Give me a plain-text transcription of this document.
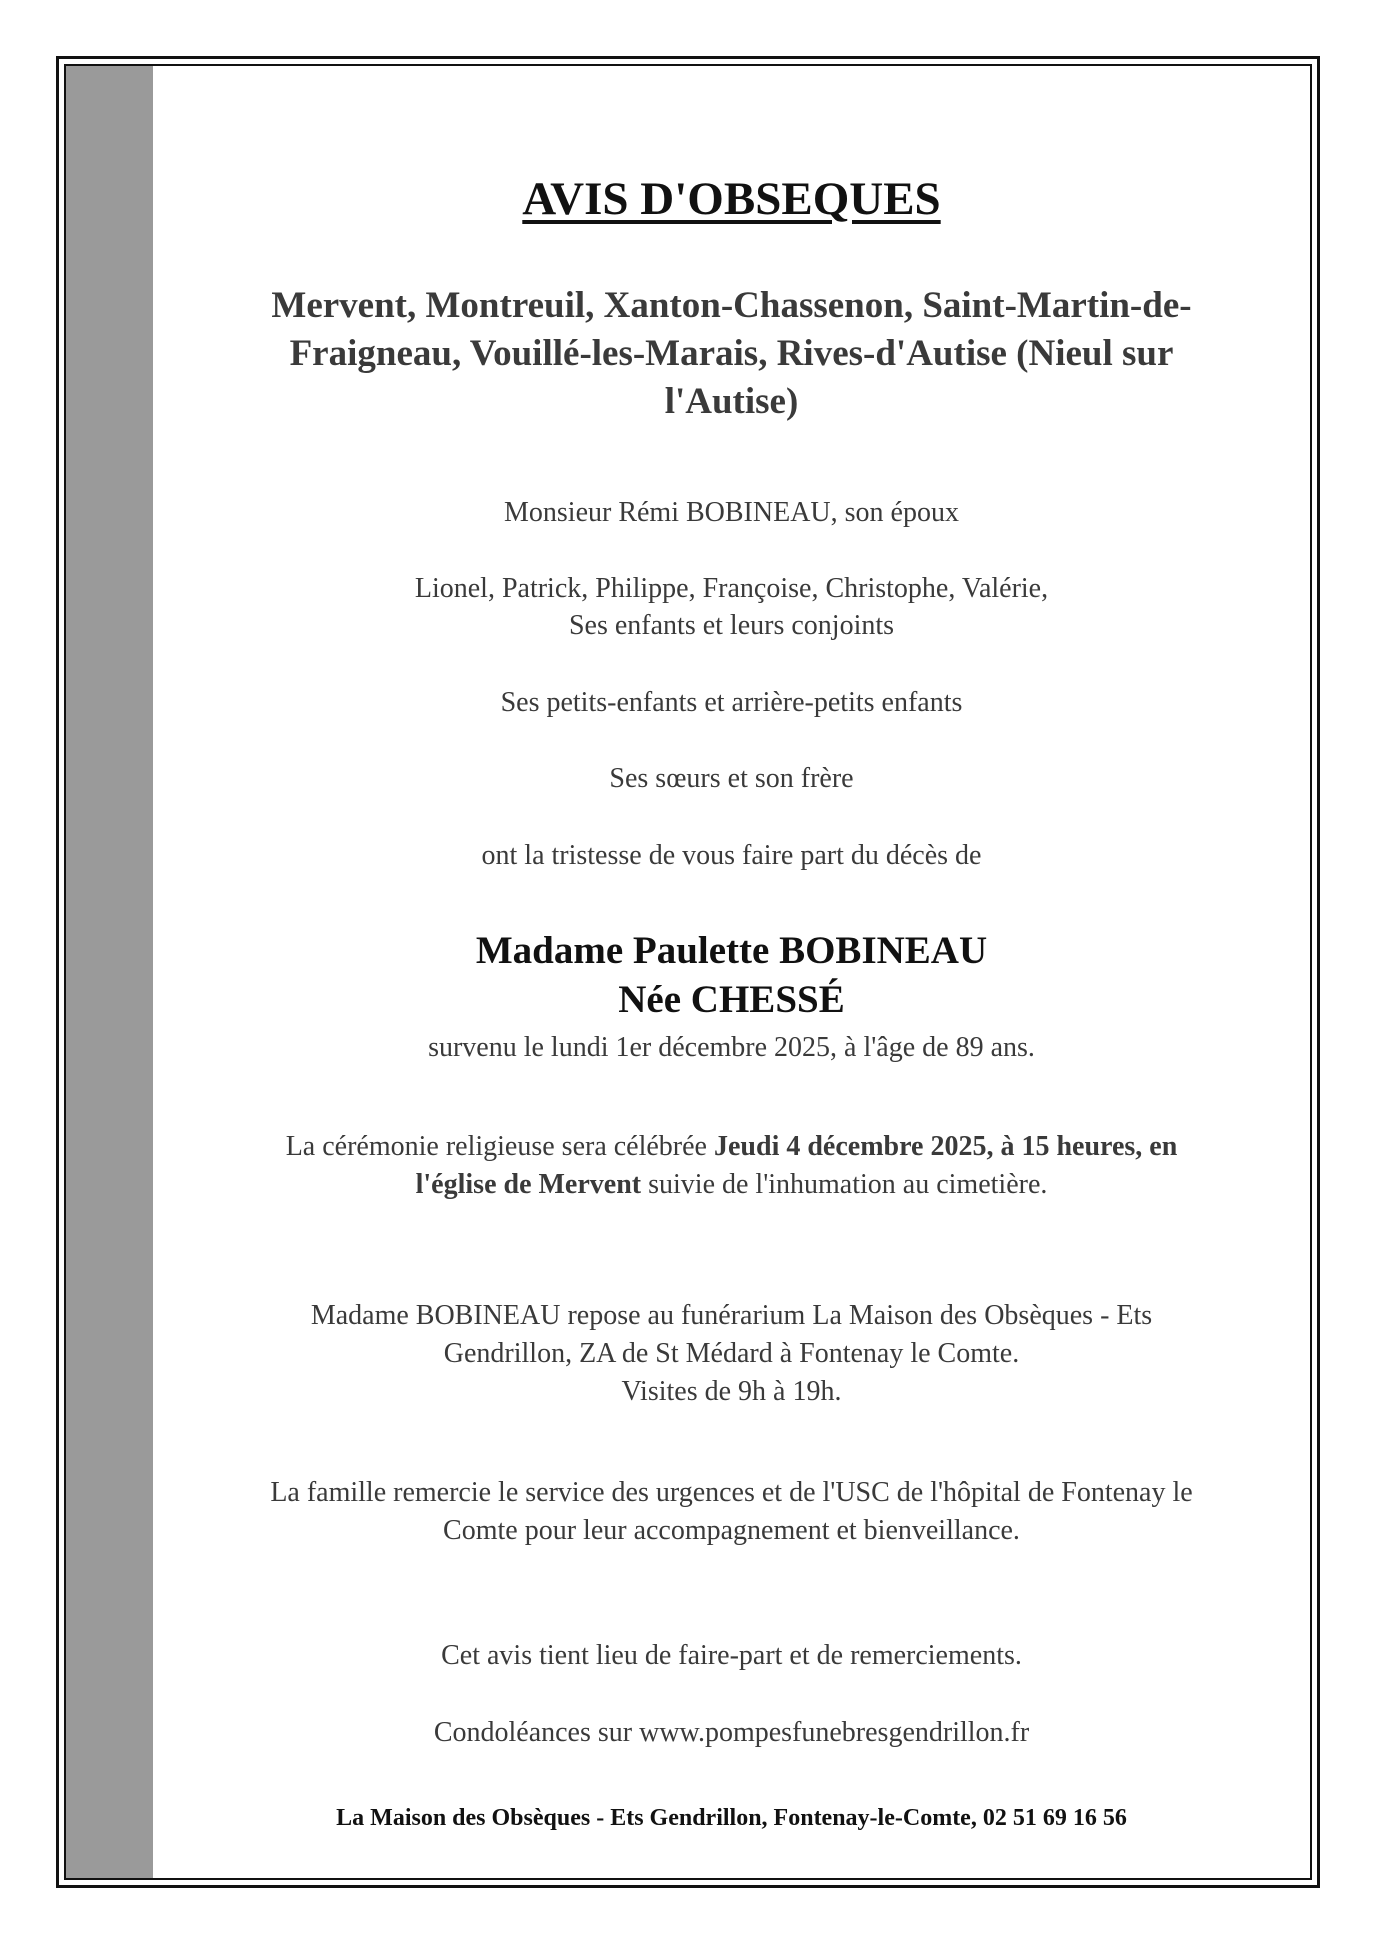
AVIS D'OBSEQUES
Mervent, Montreuil, Xanton-Chassenon, Saint-Martin-de-
Fraigneau, Vouillé-les-Marais, Rives-d'Autise (Nieul sur
l'Autise)

Monsieur Rémi BOBINEAU, son époux

Lionel, Patrick, Philippe, Françoise, Christophe, Valérie,

Ses enfants et leurs conjoints

Ses petits-enfants et arrière-petits enfants

Ses sœurs et son frère

ont la tristesse de vous faire part du décès de

Madame Paulette BOBINEAU

Née CHESSÉ

survenu le lundi 1er décembre 2025, à l'âge de 89 ans.

La cérémonie religieuse sera célébrée Jeudi 4 décembre 2025, à 15 heures, en
l'église de Mervent suivie de l'inhumation au cimetière.
Madame BOBINEAU repose au funérarium La Maison des Obsèques - Ets
Gendrillon, ZA de St Médard à Fontenay le Comte.
Visites de 9h à 19h.
La famille remercie le service des urgences et de l'USC de l'hôpital de Fontenay le
Comte pour leur accompagnement et bienveillance.

Cet avis tient lieu de faire-part et de remerciements.

Condoléances sur www.pompesfunebresgendrillon.fr

La Maison des Obsèques - Ets Gendrillon, Fontenay-le-Comte, 02 51 69 16 56
